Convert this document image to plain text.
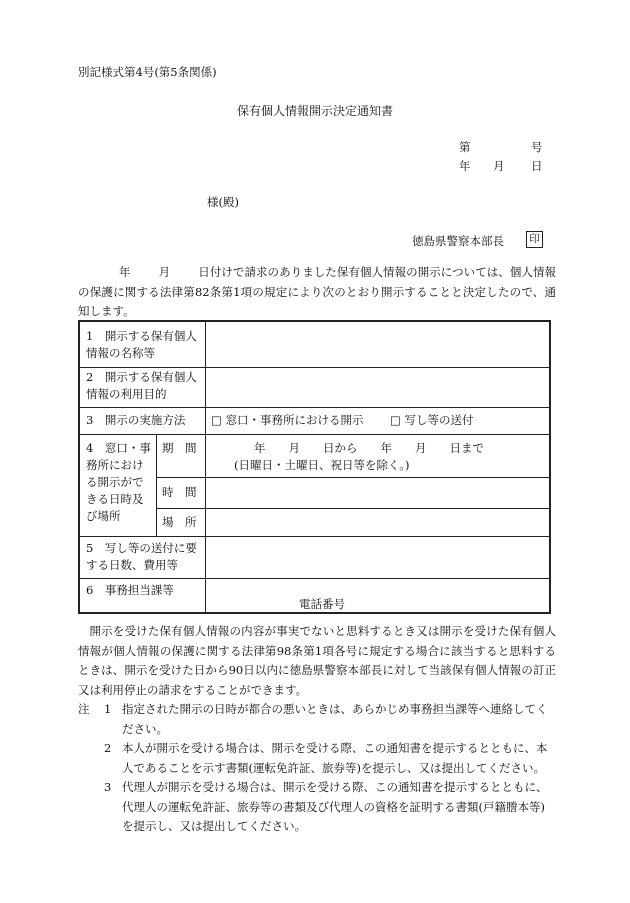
別記様式第4号(第5条関係)
保有個人情報開示決定通知書
第	号
年 月 日
様(殿)
徳島県警察本部長	印
年 月 日付けで請求のありました保有個人情報の開示については、個人情報の保護に関する法律第82条第1項の規定により次のとおり開示することと決定したので、通知します。
1　開示する保有個人情報の名称等
2　開示する保有個人情報の利用目的
3　開示の実施方法 □ 窓口・事務所における開示 □ 写し等の送付
4　窓口・事務所における開示ができる日時及び場所
期　間	年　　月　　日から　　年　　月　　日まで
(日曜日・土曜日、祝日等を除く。)
時　間
場　所
5　写し等の送付に要する日数、費用等
6　事務担当課等
電話番号
開示を受けた保有個人情報の内容が事実でないと思料するとき又は開示を受けた保有個人情報が個人情報の保護に関する法律第98条第1項各号に規定する場合に該当すると思料するときは、開示を受けた日から90日以内に徳島県警察本部長に対して当該保有個人情報の訂正又は利用停止の請求をすることができます。
注	1 指定された開示の日時が都合の悪いときは、あらかじめ事務担当課等へ連絡してください。
2 本人が開示を受ける場合は、開示を受ける際、この通知書を提示するとともに、本人であることを示す書類(運転免許証、旅券等)を提示し、又は提出してください。
3 代理人が開示を受ける場合は、開示を受ける際、この通知書を提示するとともに、代理人の運転免許証、旅券等の書類及び代理人の資格を証明する書類(戸籍謄本等)を提示し、又は提出してください。
